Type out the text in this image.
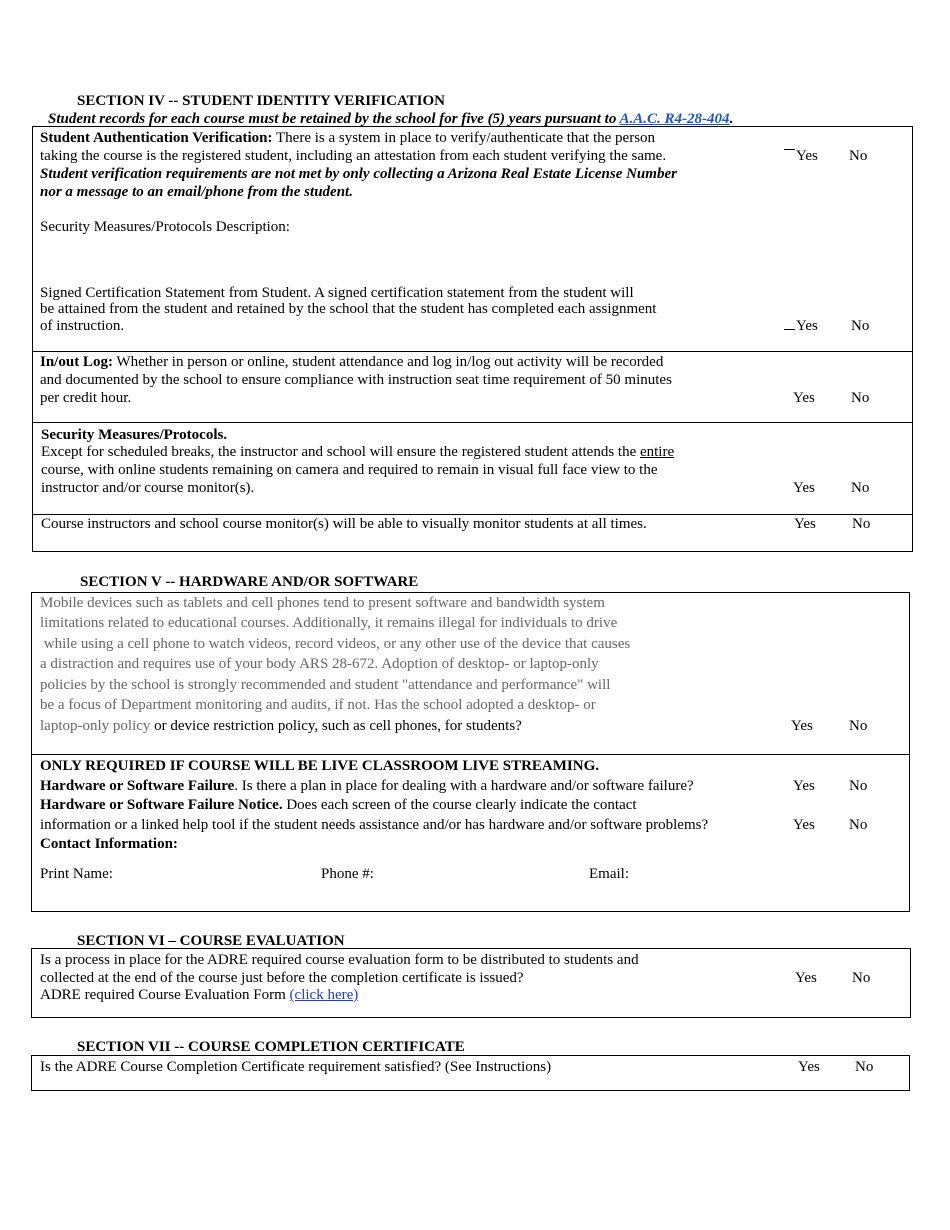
SECTION IV -- STUDENT IDENTITY VERIFICATION
Student records for each course must be retained by the school for five (5) years pursuant to A.A.C. R4-28-404.
Student Authentication Verification: There is a system in place to verify/authenticate that the person
taking the course is the registered student, including an attestation from each student verifying the same.
Student verification requirements are not met by only collecting a Arizona Real Estate License Number
nor a message to an email/phone from the student.
Yes No
Security Measures/Protocols Description:
Signed Certification Statement from Student. A signed certification statement from the student will
be attained from the student and retained by the school that the student has completed each assignment
of instruction.	Yes No
In/out Log: Whether in person or online, student attendance and log in/log out activity will be recorded
and documented by the school to ensure compliance with instruction seat time requirement of 50 minutes
per credit hour.	Yes No
Security Measures/Protocols.
Except for scheduled breaks, the instructor and school will ensure the registered student attends the entire
course, with online students remaining on camera and required to remain in visual full face view to the
instructor and/or course monitor(s).	Yes No
Course instructors and school course monitor(s) will be able to visually monitor students at all times.	Yes No
SECTION V -- HARDWARE AND/OR SOFTWARE
Mobile devices such as tablets and cell phones tend to present software and bandwidth system
limitations related to educational courses. Additionally, it remains illegal for individuals to drive
while using a cell phone to watch videos, record videos, or any other use of the device that causes
a distraction and requires use of your body ARS 28-672. Adoption of desktop- or laptop-only
policies by the school is strongly recommended and student "attendance and performance" will
be a focus of Department monitoring and audits, if not. Has the school adopted a desktop- or
laptop-only policy or device restriction policy, such as cell phones, for students?	Yes No
ONLY REQUIRED IF COURSE WILL BE LIVE CLASSROOM LIVE STREAMING.
Hardware or Software Failure. Is there a plan in place for dealing with a hardware and/or software failure?	Yes No
Hardware or Software Failure Notice. Does each screen of the course clearly indicate the contact
information or a linked help tool if the student needs assistance and/or has hardware and/or software problems?	Yes No
Contact Information:
Print Name:	Phone #:	Email:
SECTION VI – COURSE EVALUATION
Is a process in place for the ADRE required course evaluation form to be distributed to students and
collected at the end of the course just before the completion certificate is issued?
ADRE required Course Evaluation Form (click here)
Yes No
SECTION VII -- COURSE COMPLETION CERTIFICATE
Is the ADRE Course Completion Certificate requirement satisfied? (See Instructions)	Yes No
